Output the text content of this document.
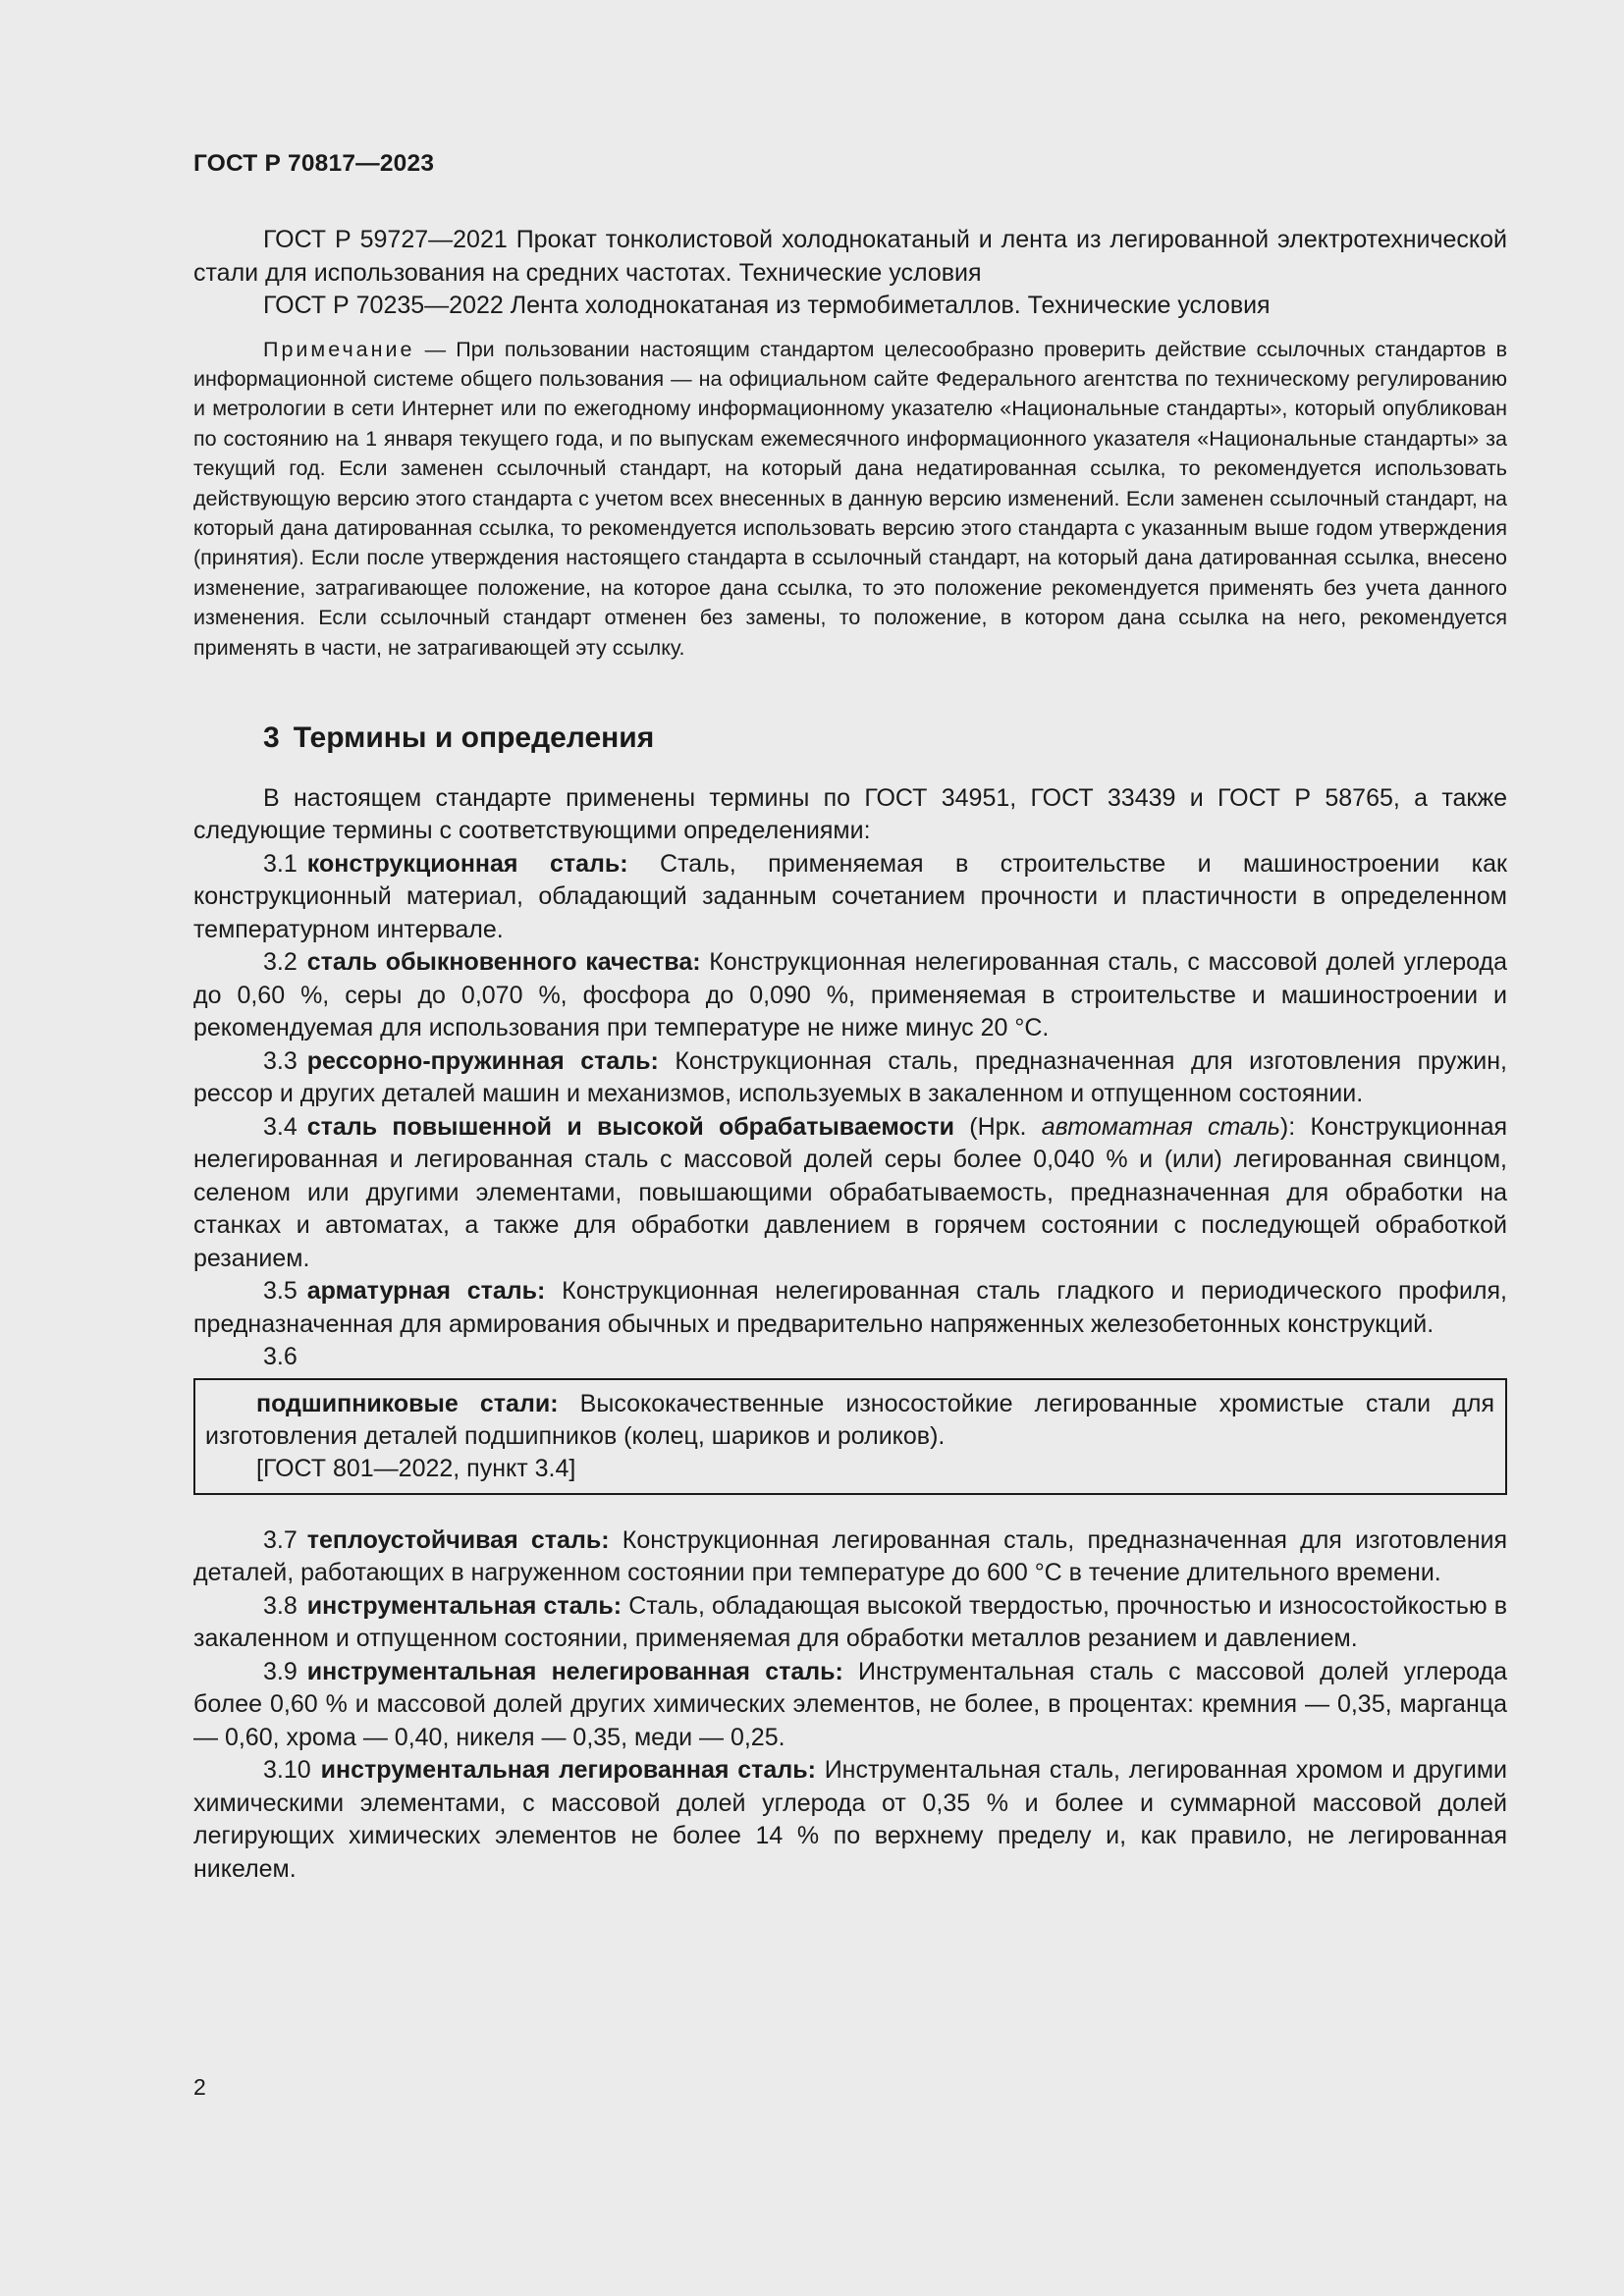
ГОСТ Р 70817—2023

ГОСТ Р 59727—2021 Прокат тонколистовой холоднокатаный и лента из легированной электротехнической стали для использования на средних частотах. Технические условия

ГОСТ Р 70235—2022 Лента холоднокатаная из термобиметаллов. Технические условия

Примечание — При пользовании настоящим стандартом целесообразно проверить действие ссылочных стандартов в информационной системе общего пользования — на официальном сайте Федерального агентства по техническому регулированию и метрологии в сети Интернет или по ежегодному информационному указателю «Национальные стандарты», который опубликован по состоянию на 1 января текущего года, и по выпускам ежемесячного информационного указателя «Национальные стандарты» за текущий год. Если заменен ссылочный стандарт, на который дана недатированная ссылка, то рекомендуется использовать действующую версию этого стандарта с учетом всех внесенных в данную версию изменений. Если заменен ссылочный стандарт, на который дана датированная ссылка, то рекомендуется использовать версию этого стандарта с указанным выше годом утверждения (принятия). Если после утверждения настоящего стандарта в ссылочный стандарт, на который дана датированная ссылка, внесено изменение, затрагивающее положение, на которое дана ссылка, то это положение рекомендуется применять без учета данного изменения. Если ссылочный стандарт отменен без замены, то положение, в котором дана ссылка на него, рекомендуется применять в части, не затрагивающей эту ссылку.

3 Термины и определения

В настоящем стандарте применены термины по ГОСТ 34951, ГОСТ 33439 и ГОСТ Р 58765, а также следующие термины с соответствующими определениями:

3.1 конструкционная сталь: Сталь, применяемая в строительстве и машиностроении как конструкционный материал, обладающий заданным сочетанием прочности и пластичности в определенном температурном интервале.

3.2 сталь обыкновенного качества: Конструкционная нелегированная сталь, с массовой долей углерода до 0,60 %, серы до 0,070 %, фосфора до 0,090 %, применяемая в строительстве и машиностроении и рекомендуемая для использования при температуре не ниже минус 20 °С.

3.3 рессорно-пружинная сталь: Конструкционная сталь, предназначенная для изготовления пружин, рессор и других деталей машин и механизмов, используемых в закаленном и отпущенном состоянии.

3.4 сталь повышенной и высокой обрабатываемости (Нрк. автоматная сталь): Конструкционная нелегированная и легированная сталь с массовой долей серы более 0,040 % и (или) легированная свинцом, селеном или другими элементами, повышающими обрабатываемость, предназначенная для обработки на станках и автоматах, а также для обработки давлением в горячем состоянии с последующей обработкой резанием.

3.5 арматурная сталь: Конструкционная нелегированная сталь гладкого и периодического профиля, предназначенная для армирования обычных и предварительно напряженных железобетонных конструкций.

3.6

подшипниковые стали: Высококачественные износостойкие легированные хромистые стали для изготовления деталей подшипников (колец, шариков и роликов).

[ГОСТ 801—2022, пункт 3.4]

3.7 теплоустойчивая сталь: Конструкционная легированная сталь, предназначенная для изготовления деталей, работающих в нагруженном состоянии при температуре до 600 °С в течение длительного времени.

3.8 инструментальная сталь: Сталь, обладающая высокой твердостью, прочностью и износостойкостью в закаленном и отпущенном состоянии, применяемая для обработки металлов резанием и давлением.

3.9 инструментальная нелегированная сталь: Инструментальная сталь с массовой долей углерода более 0,60 % и массовой долей других химических элементов, не более, в процентах: кремния — 0,35, марганца — 0,60, хрома — 0,40, никеля — 0,35, меди — 0,25.

3.10 инструментальная легированная сталь: Инструментальная сталь, легированная хромом и другими химическими элементами, с массовой долей углерода от 0,35 % и более и суммарной массовой долей легирующих химических элементов не более 14 % по верхнему пределу и, как правило, не легированная никелем.

2
